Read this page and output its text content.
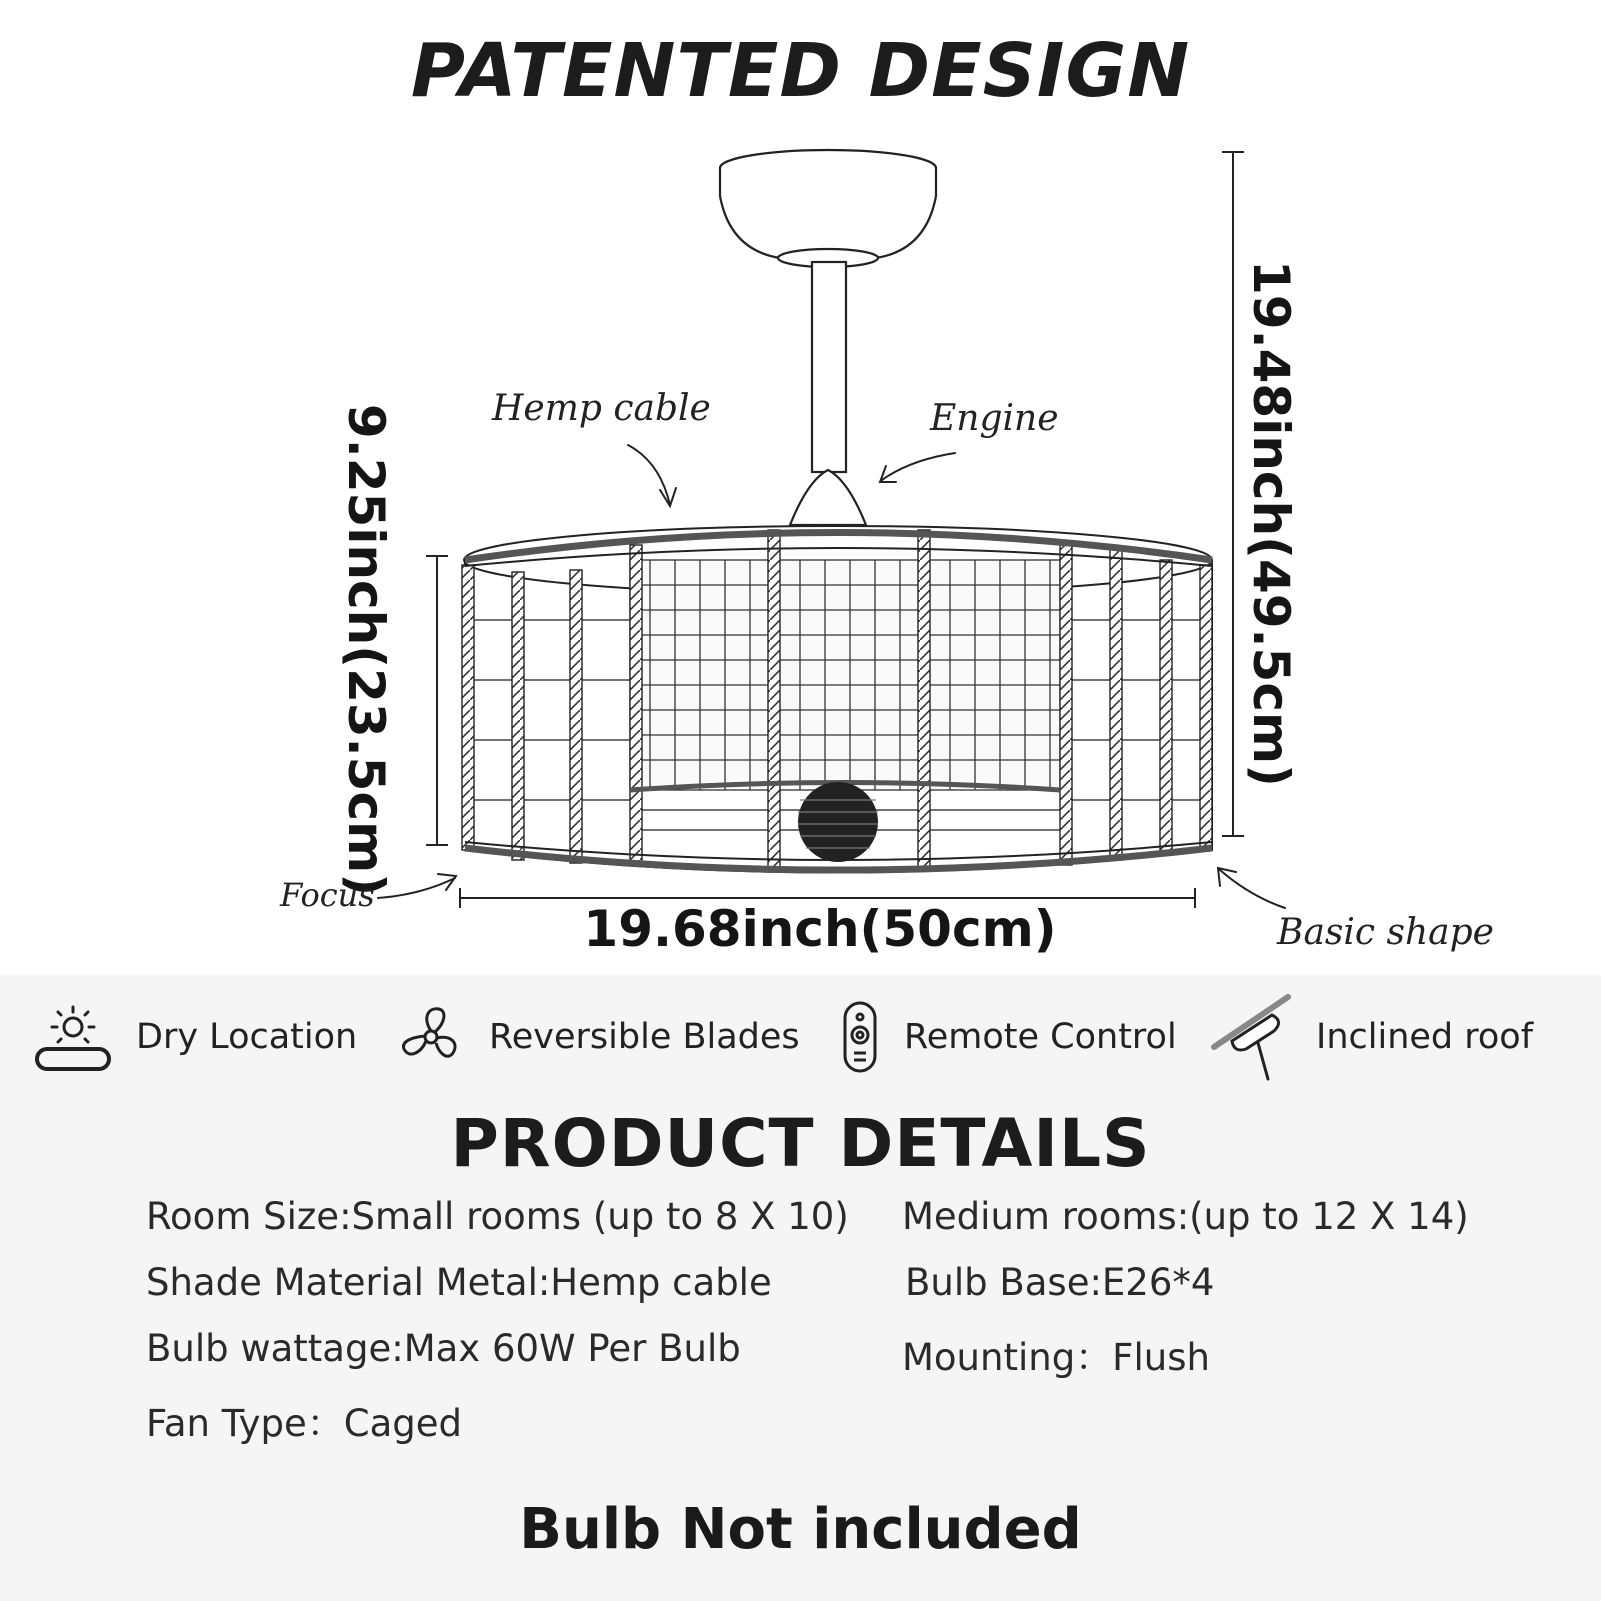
PATENTED DESIGN
19.48inch(49.5cm)
9.25inch(23.5cm)
19.68inch(50cm)
Hemp cable	Engine
Focus
Basic shape
Dry Location	Reversible Blades	Remote Control	Inclined roof
PRODUCT DETAILS
Room Size:Small rooms (up to 8 X 10) Medium rooms:(up to 12 X 14)
Shade Material Metal:Hemp cable	Bulb Base:E26*4
Bulb wattage:Max 60W Per Bulb	Mounting：Flush
Fan Type：Caged
Bulb Not included
